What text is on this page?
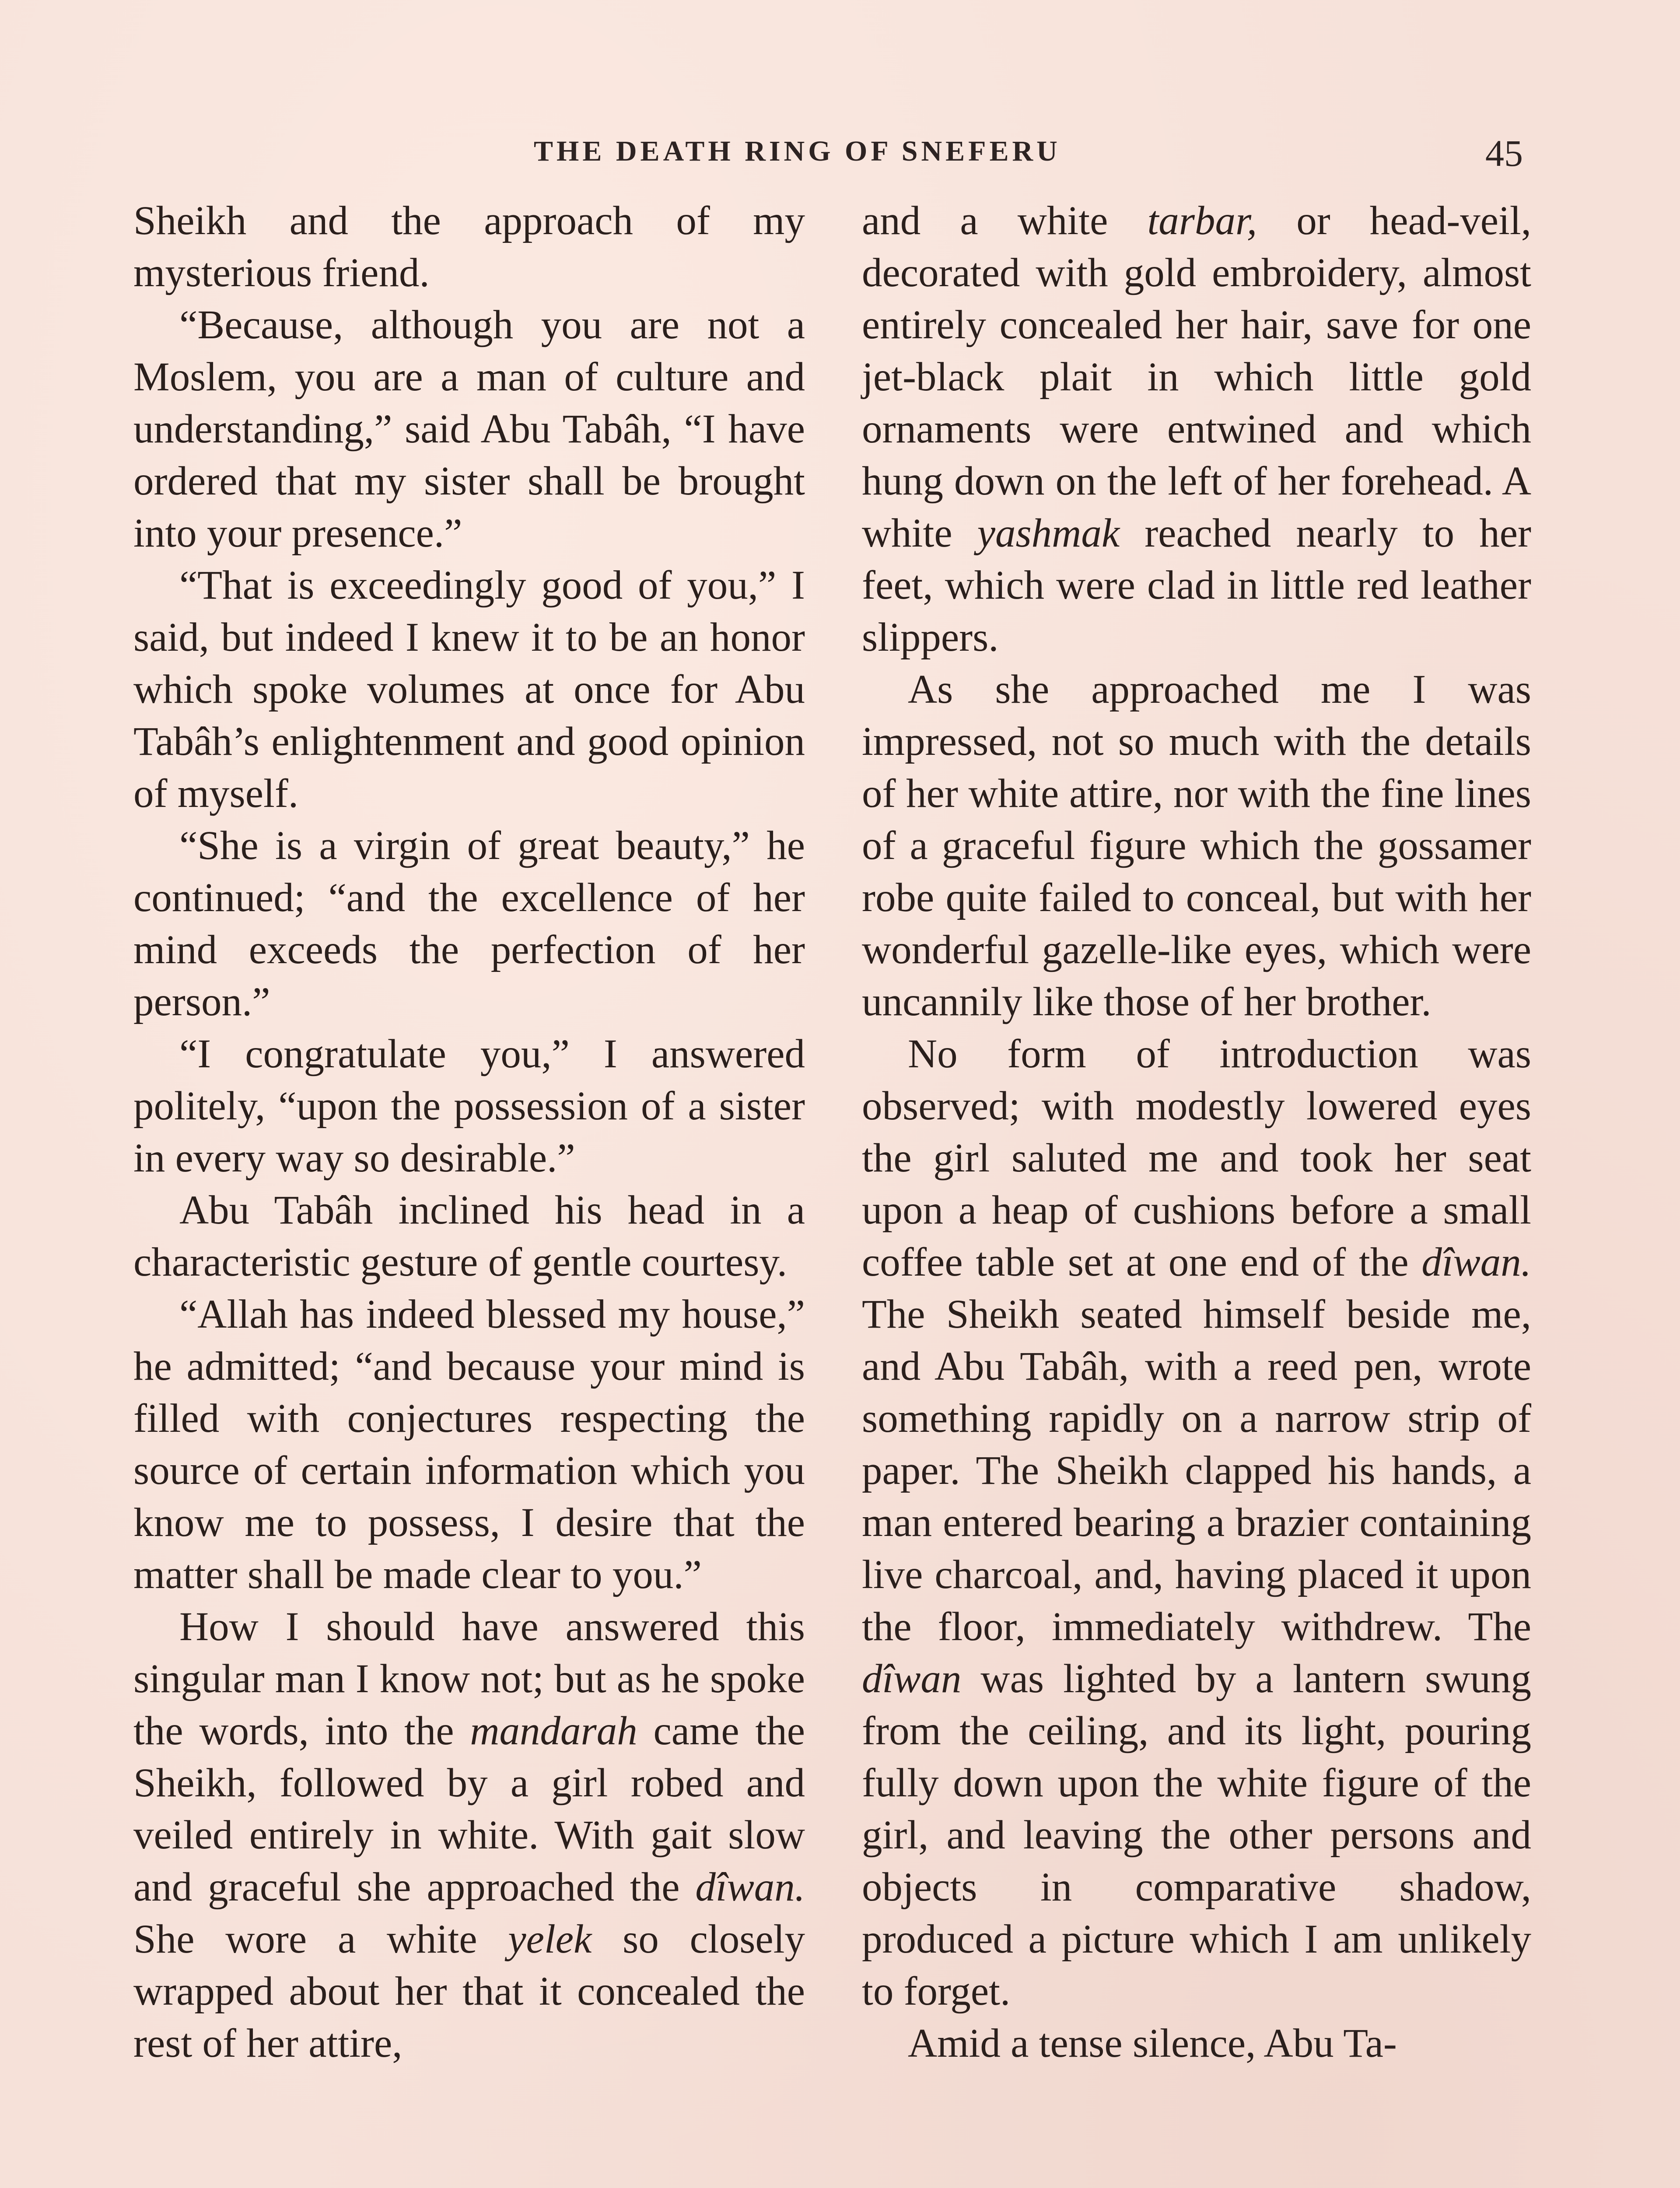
THE DEATH RING OF SNEFERU	45

Sheikh and the approach of my mysterious friend.

“Because, although you are not a Moslem, you are a man of culture and understanding,” said Abu Tabâh, “I have ordered that my sister shall be brought into your presence.”

“That is exceedingly good of you,” I said, but indeed I knew it to be an honor which spoke volumes at once for Abu Tabâh’s enlightenment and good opinion of myself.

“She is a virgin of great beauty,” he continued; “and the excellence of her mind exceeds the perfection of her person.”

“I congratulate you,” I answered politely, “upon the possession of a sister in every way so desirable.”

Abu Tabâh inclined his head in a characteristic gesture of gentle courtesy.

“Allah has indeed blessed my house,” he admitted; “and because your mind is filled with conjectures respecting the source of certain information which you know me to possess, I desire that the matter shall be made clear to you.”

How I should have answered this singular man I know not; but as he spoke the words, into the mandarah came the Sheikh, followed by a girl robed and veiled entirely in white. With gait slow and graceful she approached the dîwan. She wore a white yelek so closely wrapped about her that it concealed the rest of her attire,

and a white tarbar, or head-veil, decorated with gold embroidery, almost entirely concealed her hair, save for one jet-black plait in which little gold ornaments were entwined and which hung down on the left of her forehead. A white yashmak reached nearly to her feet, which were clad in little red leather slippers.

As she approached me I was impressed, not so much with the details of her white attire, nor with the fine lines of a graceful figure which the gossamer robe quite failed to conceal, but with her wonderful gazelle-like eyes, which were uncannily like those of her brother.

No form of introduction was observed; with modestly lowered eyes the girl saluted me and took her seat upon a heap of cushions before a small coffee table set at one end of the dîwan. The Sheikh seated himself beside me, and Abu Tabâh, with a reed pen, wrote something rapidly on a narrow strip of paper. The Sheikh clapped his hands, a man entered bearing a brazier containing live charcoal, and, having placed it upon the floor, immediately withdrew. The dîwan was lighted by a lantern swung from the ceiling, and its light, pouring fully down upon the white figure of the girl, and leaving the other persons and objects in comparative shadow, produced a picture which I am unlikely to forget.

Amid a tense silence, Abu Ta-
